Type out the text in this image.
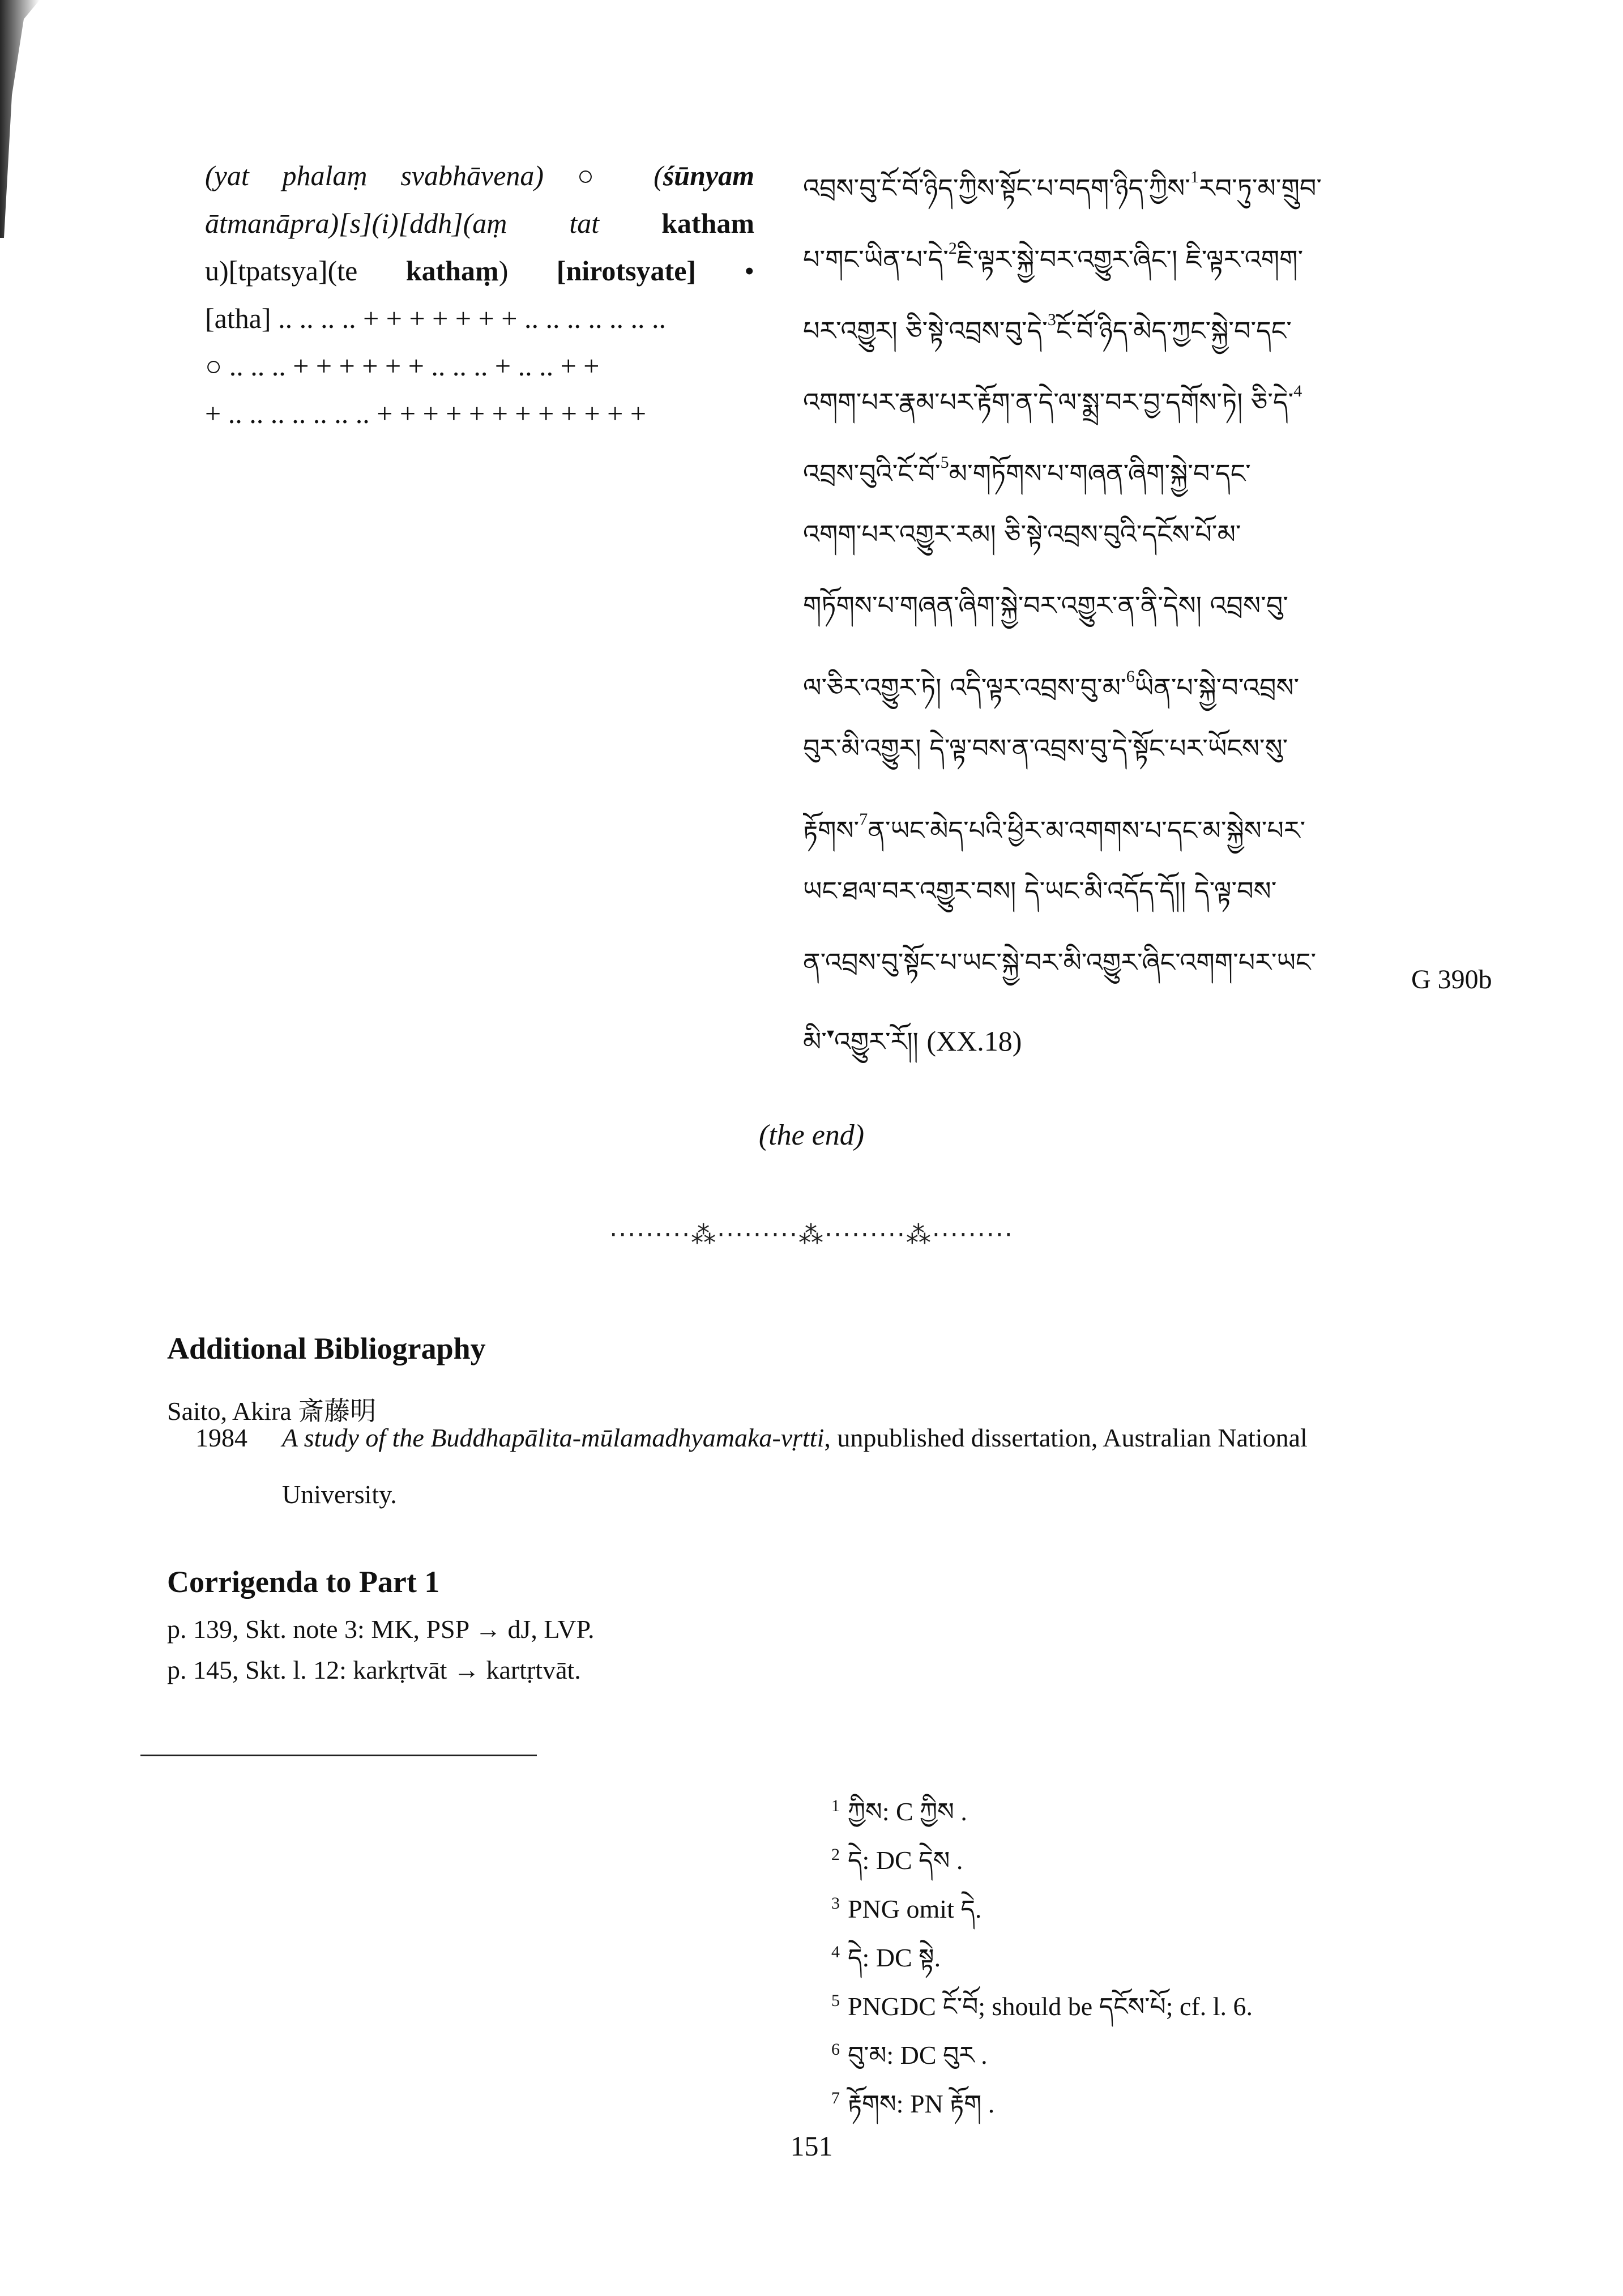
(yat phalaṃ svabhāvena) ○ (śūnyam
ātmanāpra)[s](i)[ddh](aṃ tat katham
u)[tpatsya](te kathaṃ) [nirotsyate] •
[atha] .. .. .. .. + + + + + + + .. .. .. .. .. .. ..
○ .. .. .. + + + + + + .. .. .. + .. .. + +
+ .. .. .. .. .. .. .. + + + + + + + + + + + +
འབྲས་བུ་ངོ་བོ་ཉིད་ཀྱིས་སྟོང་པ་བདག་ཉིད་ཀྱིས་$^1$རབ་ཏུ་མ་གྲུབ་
པ་གང་ཡིན་པ་དེ་$^2$ཇི་ལྟར་སྐྱེ་བར་འགྱུར་ཞིང་། ཇི་ལྟར་འགག་
པར་འགྱུར། ཅི་སྟེ་འབྲས་བུ་དེ་$^3$ངོ་བོ་ཉིད་མེད་ཀྱང་སྐྱེ་བ་དང་
འགག་པར་རྣམ་པར་རྟོག་ན་དེ་ལ་སྨྲ་བར་བྱ་དགོས་ཏེ། ཅི་དེ་$^4$
འབྲས་བུའི་ངོ་བོ་$^5$མ་གཏོགས་པ་གཞན་ཞིག་སྐྱེ་བ་དང་
འགག་པར་འགྱུར་རམ། ཅི་སྟེ་འབྲས་བུའི་དངོས་པོ་མ་
གཏོགས་པ་གཞན་ཞིག་སྐྱེ་བར་འགྱུར་ན་ནི་དེས། འབྲས་བུ་
ལ་ཅིར་འགྱུར་ཏེ། འདི་ལྟར་འབྲས་བུ་མ་$^6$ཡིན་པ་སྐྱེ་བ་འབྲས་
བུར་མི་འགྱུར། དེ་ལྟ་བས་ན་འབྲས་བུ་དེ་སྟོང་པར་ཡོངས་སུ་
རྟོགས་$^7$ན་ཡང་མེད་པའི་ཕྱིར་མ་འགགས་པ་དང་མ་སྐྱེས་པར་
ཡང་ཐལ་བར་འགྱུར་བས། དེ་ཡང་མི་འདོད་དོ།། དེ་ལྟ་བས་
ན་འབྲས་བུ་སྟོང་པ་ཡང་སྐྱེ་བར་མི་འགྱུར་ཞིང་འགག་པར་ཡང་
མི་▾འགྱུར་རོ།། (XX.18)
G 390b
(the end)
·········⁂·········⁂·········⁂·········
Additional Bibliography
Saito, Akira 斎藤明
1984 A study of the Buddhapālita-mūlamadhyamaka-vṛtti, unpublished dissertation, Australian National
University.
Corrigenda to Part 1
p. 139, Skt. note 3: MK, PSP → dJ, LVP.
p. 145, Skt. l. 12: karkṛtvāt → kartṛtvāt.
$^1$ ཀྱིས: C ཀྱིས .
$^2$ དེ: DC དེས .
$^3$ PNG omit དེ.
$^4$ དེ: DC སྟེ.
$^5$ PNGDC ངོ་བོ; should be དངོས་པོ; cf. l. 6.
$^6$ བུ་མ: DC བུར .
$^7$ རྟོགས: PN རྟོག .
151
